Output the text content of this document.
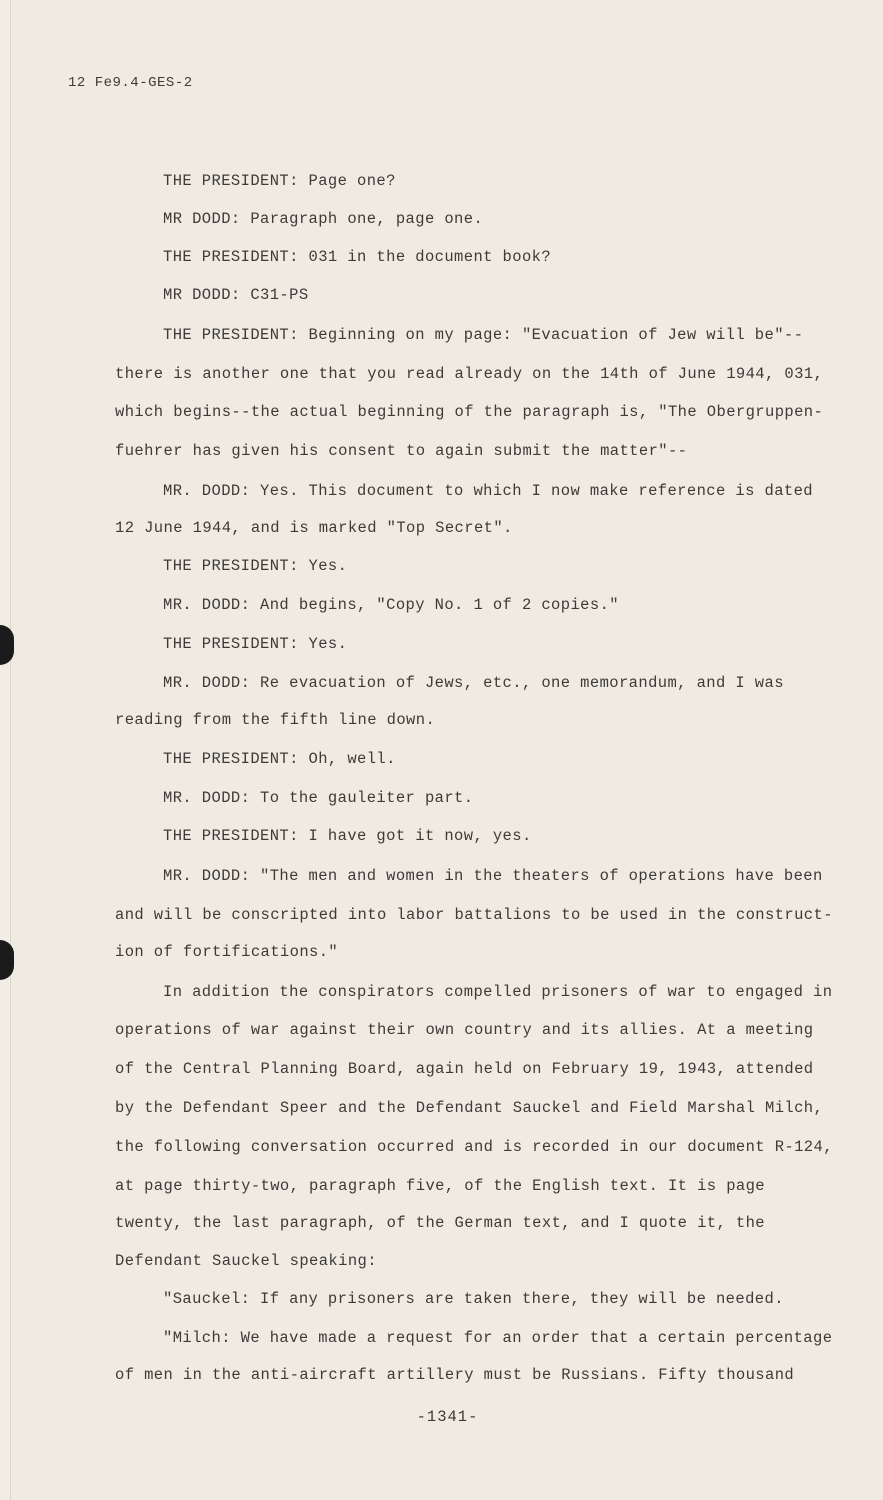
12 Fe9.4-GES-2
THE PRESIDENT: Page one?
MR DODD: Paragraph one, page one.
THE PRESIDENT: 031 in the document book?
MR DODD: C31-PS
THE PRESIDENT: Beginning on my page: "Evacuation of Jew will be"--
there is another one that you read already on the 14th of June 1944, 031,
which begins--the actual beginning of the paragraph is, "The Obergruppen-
fuehrer has given his consent to again submit the matter"--
MR. DODD: Yes. This document to which I now make reference is dated
12 June 1944, and is marked "Top Secret".
THE PRESIDENT: Yes.
MR. DODD: And begins, "Copy No. 1 of 2 copies."
THE PRESIDENT: Yes.
MR. DODD: Re evacuation of Jews, etc., one memorandum, and I was
reading from the fifth line down.
THE PRESIDENT: Oh, well.
MR. DODD: To the gauleiter part.
THE PRESIDENT: I have got it now, yes.
MR. DODD: "The men and women in the theaters of operations have been
and will be conscripted into labor battalions to be used in the construct-
ion of fortifications."
In addition the conspirators compelled prisoners of war to engaged in
operations of war against their own country and its allies. At a meeting
of the Central Planning Board, again held on February 19, 1943, attended
by the Defendant Speer and the Defendant Sauckel and Field Marshal Milch,
the following conversation occurred and is recorded in our document R-124,
at page thirty-two, paragraph five, of the English text. It is page
twenty, the last paragraph, of the German text, and I quote it, the
Defendant Sauckel speaking:
"Sauckel: If any prisoners are taken there, they will be needed.
"Milch: We have made a request for an order that a certain percentage
of men in the anti-aircraft artillery must be Russians. Fifty thousand
-1341-
